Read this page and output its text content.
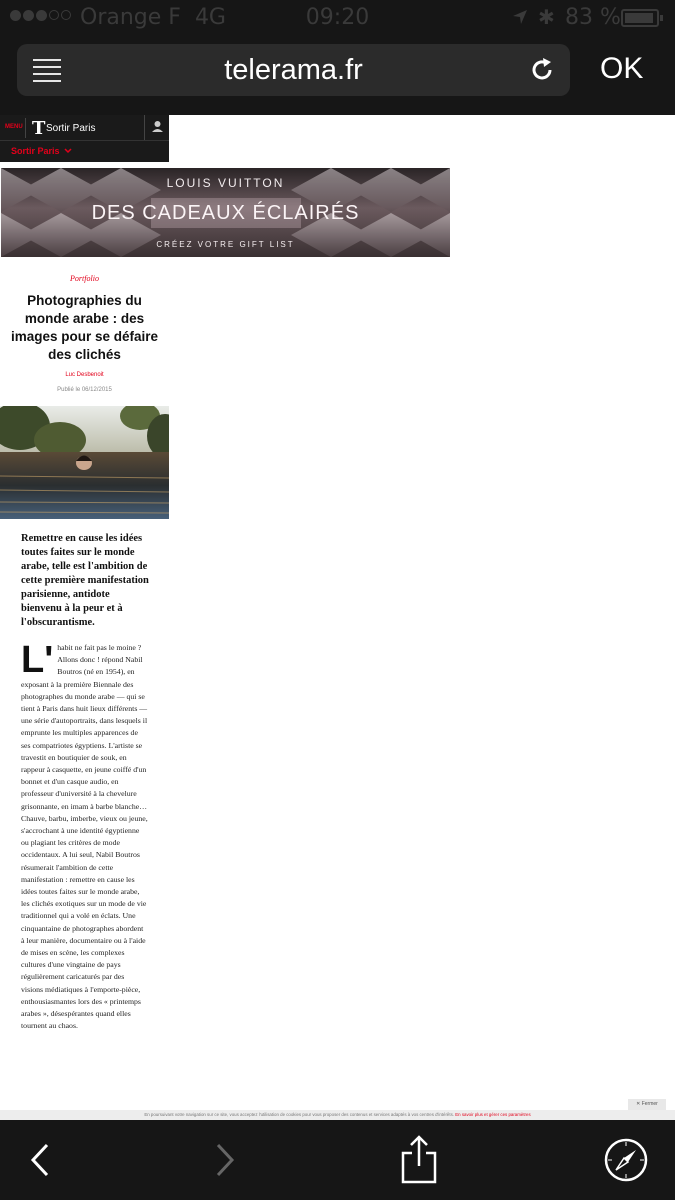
Orange F 4G	09:20	✱ 83 %
telerama.fr	OK
MENU T Sortir Paris
Sortir Paris
LOUIS VUITTON
DES CADEAUX ÉCLAIRÉS
CRÉEZ VOTRE GIFT LIST
Portfolio
Photographies du monde arabe : des images pour se défaire des clichés
Luc Desbenoit
Publié le 06/12/2015
Remettre en cause les idées toutes faites sur le monde arabe, telle est l'ambition de cette première manifestation parisienne, antidote bienvenu à la peur et à l'obscurantisme.
L' habit ne fait pas le moine ? Allons donc ! répond Nabil Boutros (né en 1954), en exposant à la première Biennale des photographes du monde arabe — qui se tient à Paris dans huit lieux différents — une série d'autoportraits, dans lesquels il emprunte les multiples apparences de ses compatriotes égyptiens. L'artiste se travestit en boutiquier de souk, en rappeur à casquette, en jeune coiffé d'un bonnet et d'un casque audio, en professeur d'université à la chevelure grisonnante, en imam à barbe blanche… Chauve, barbu, imberbe, vieux ou jeune, s'accrochant à une identité égyptienne ou plagiant les critères de mode occidentaux. A lui seul, Nabil Boutros résumerait l'ambition de cette manifestation : remettre en cause les idées toutes faites sur le monde arabe, les clichés exotiques sur un mode de vie traditionnel qui a volé en éclats. Une cinquantaine de photographes abordent à leur manière, documentaire ou à l'aide de mises en scène, les complexes cultures d'une vingtaine de pays régulièrement caricaturés par des visions médiatiques à l'emporte-pièce, enthousiasmantes lors des « printemps arabes », désespérantes quand elles tournent au chaos.
✕ Fermer
En poursuivant votre navigation sur ce site, vous acceptez l'utilisation de cookies pour vous proposer des contenus et services adaptés à vos centres d'intérêts. En savoir plus et gérer ces paramètres
